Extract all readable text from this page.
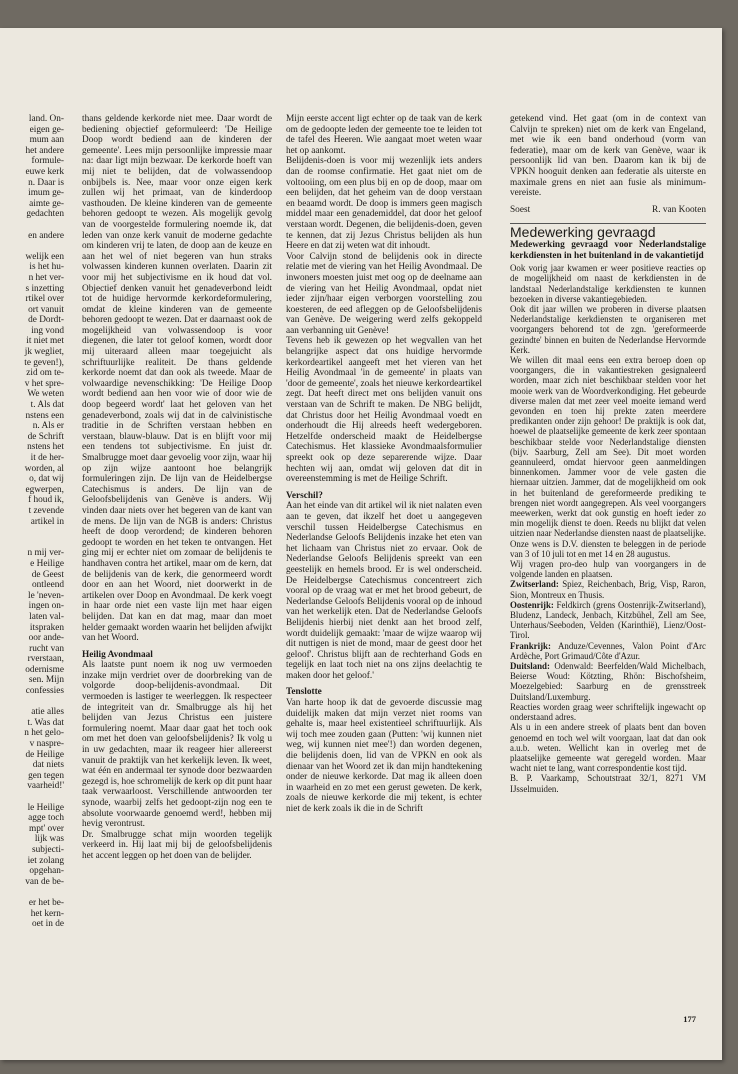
land. On-
eigen ge-
mum aan
het andere
formule-
euwe kerk
n. Daar is
imum ge-
aimte ge-
gedachten

en andere

welijk een
is het hu-
n het ver-
s inzetting
rtikel over
ort vanuit
de Dordt-
ing vond
it niet met
jk wegliet,
te geven!),
zid om te-
v het spre-
We weten
t. Als dat
nstens een
n. Als er
de Schrift
nstens het
it de her-
worden, al
o, dat wij
egwerpen,
f houd ik,
t zevende
artikel in

n mij ver-
e Heilige
de Geest
ontleend
le 'neven-
ingen on-
laten val-
itspraken
oor ande-
rucht van
rverstaan,
odernisme
sen. Mijn
confessies

atie alles
t. Was dat
n het gelo-
v naspre-
de Heilige
dat niets
gen tegen
vaarheid!'

le Heilige
agge toch
mpt' over
lijk was
subjecti-
iet zolang
opgehan-
van de be-

er het be-
het kern-
oet in de

thans geldende kerkorde niet mee. Daar wordt de bediening objectief geformuleerd: 'De Heilige Doop wordt bediend aan de kinderen der gemeente'. Lees mijn persoonlijke impressie maar na: daar ligt mijn bezwaar. De kerkorde hoeft van mij niet te belijden, dat de volwassendoop onbijbels is. Nee, maar voor onze eigen kerk zullen wij het primaat, van de kinderdoop vasthouden. De kleine kinderen van de gemeente behoren gedoopt te wezen. Als mogelijk gevolg van de voorgestelde formulering noemde ik, dat leden van onze kerk vanuit de moderne gedachte om kinderen vrij te laten, de doop aan de keuze en aan het wel of niet begeren van hun straks volwassen kinderen kunnen overlaten. Daarin zit voor mij het subjectivisme en ik houd dat vol. Objectief denken vanuit het genadeverbond leidt tot de huidige hervormde kerkordeformulering, omdat de kleine kinderen van de gemeente behoren gedoopt te wezen. Dat er daarnaast ook de mogelijkheid van volwassendoop is voor diegenen, die later tot geloof komen, wordt door mij uiteraard alleen maar toegejuicht als schriftuurlijke realiteit. De thans geldende kerkorde noemt dat dan ook als tweede. Maar de volwaardige nevenschikking: 'De Heilige Doop wordt bediend aan hen voor wie of door wie de doop begeerd wordt' laat het geloven van het genadeverbond, zoals wij dat in de calvinistische traditie in de Schriften verstaan hebben en verstaan, blauw-blauw. Dat is en blijft voor mij een tendens tot subjectivisme. En juist dr. Smalbrugge moet daar gevoelig voor zijn, waar hij op zijn wijze aantoont hoe belangrijk formuleringen zijn. De lijn van de Heidelbergse Catechismus is anders. De lijn van de Geloofsbelijdenis van Genève is anders. Wij vinden daar niets over het begeren van de kant van de mens. De lijn van de NGB is anders: Christus heeft de doop verordend; de kinderen behoren gedoopt te worden en het teken te ontvangen. Het ging mij er echter niet om zomaar de belijdenis te handhaven contra het artikel, maar om de kern, dat de belijdenis van de kerk, die genormeerd wordt door en aan het Woord, niet doorwerkt in de artikelen over Doop en Avondmaal. De kerk voegt in haar orde niet een vaste lijn met haar eigen belijden. Dat kan en dat mag, maar dan moet helder gemaakt worden waarin het belijden afwijkt van het Woord.

Heilig Avondmaal

Als laatste punt noem ik nog uw vermoeden inzake mijn verdriet over de doorbreking van de volgorde doop-belijdenis-avondmaal. Dit vermoeden is lastiger te weerleggen. Ik respecteer de integriteit van dr. Smalbrugge als hij het belijden van Jezus Christus een juistere formulering noemt. Maar daar gaat het toch ook om met het doen van geloofsbelijdenis? Ik volg u in uw gedachten, maar ik reageer hier allereerst vanuit de praktijk van het kerkelijk leven. Ik weet, wat één en andermaal ter synode door bezwaarden gezegd is, hoe schromelijk de kerk op dit punt haar taak verwaarloost. Verschillende antwoorden ter synode, waarbij zelfs het gedoopt-zijn nog een te absolute voorwaarde genoemd werd!, hebben mij hevig verontrust.

Dr. Smalbrugge schat mijn woorden tegelijk verkeerd in. Hij laat mij bij de geloofsbelijdenis het accent leggen op het doen van de belijder.

Mijn eerste accent ligt echter op de taak van de kerk om de gedoopte leden der gemeente toe te leiden tot de tafel des Heeren. Wie aangaat moet weten waar het op aankomt.

Belijdenis-doen is voor mij wezenlijk iets anders dan de roomse confirmatie. Het gaat niet om de voltooiing, om een plus bij en op de doop, maar om een belijden, dat het geheim van de doop verstaan en beaamd wordt. De doop is immers geen magisch middel maar een genademiddel, dat door het geloof verstaan wordt. Degenen, die belijdenis-doen, geven te kennen, dat zij Jezus Christus belijden als hun Heere en dat zij weten wat dit inhoudt.

Voor Calvijn stond de belijdenis ook in directe relatie met de viering van het Heilig Avondmaal. De inwoners moesten juist met oog op de deelname aan de viering van het Heilig Avondmaal, opdat niet ieder zijn/haar eigen verborgen voorstelling zou koesteren, de eed afleggen op de Geloofsbelijdenis van Genève. De weigering werd zelfs gekoppeld aan verbanning uit Genève!

Tevens heb ik gewezen op het wegvallen van het belangrijke aspect dat ons huidige hervormde kerkordeartikel aangeeft met het vieren van het Heilig Avondmaal 'in de gemeente' in plaats van 'door de gemeente', zoals het nieuwe kerkordeartikel zegt. Dat heeft direct met ons belijden vanuit ons verstaan van de Schrift te maken. De NBG belijdt, dat Christus door het Heilig Avondmaal voedt en onderhoudt die Hij alreeds heeft wedergeboren. Hetzelfde onderscheid maakt de Heidelbergse Catechismus. Het klassieke Avondmaalsformulier spreekt ook op deze separerende wijze. Daar hechten wij aan, omdat wij geloven dat dit in overeenstemming is met de Heilige Schrift.

Verschil?

Aan het einde van dit artikel wil ik niet nalaten even aan te geven, dat ikzelf het doet u aangegeven verschil tussen Heidelbergse Catechismus en Nederlandse Geloofs Belijdenis inzake het eten van het lichaam van Christus niet zo ervaar. Ook de Nederlandse Geloofs Belijdenis spreekt van een geestelijk en hemels brood. Er is wel onderscheid. De Heidelbergse Catechismus concentreert zich vooral op de vraag wat er met het brood gebeurt, de Nederlandse Geloofs Belijdenis vooral op de inhoud van het werkelijk eten. Dat de Nederlandse Geloofs Belijdenis hierbij niet denkt aan het brood zelf, wordt duidelijk gemaakt: 'maar de wijze waarop wij dit nuttigen is niet de mond, maar de geest door het geloof'. Christus blijft aan de rechterhand Gods en tegelijk en laat toch niet na ons zijns deelachtig te maken door het geloof.'

Tenslotte

Van harte hoop ik dat de gevoerde discussie mag duidelijk maken dat mijn verzet niet rooms van gehalte is, maar heel existentieel schriftuurlijk. Als wij toch mee zouden gaan (Putten: 'wij kunnen niet weg, wij kunnen niet mee'!) dan worden degenen, die belijdenis doen, lid van de VPKN en ook als dienaar van het Woord zet ik dan mijn handtekening onder de nieuwe kerkorde. Dat mag ik alleen doen in waarheid en zo met een gerust geweten. De kerk, zoals de nieuwe kerkorde die mij tekent, is echter niet de kerk zoals ik die in de Schrift

getekend vind. Het gaat (om in de context van Calvijn te spreken) niet om de kerk van Engeland, met wie ik een band onderhoud (vorm van federatie), maar om de kerk van Genève, waar ik persoonlijk lid van ben. Daarom kan ik bij de VPKN hooguit denken aan federatie als uiterste en maximale grens en niet aan fusie als minimum-vereiste.

Soest	R. van Kooten

Medewerking gevraagd

Medewerking gevraagd voor Nederlandstalige kerkdiensten in het buitenland in de vakantietijd

Ook vorig jaar kwamen er weer positieve reacties op de mogelijkheid om naast de kerkdiensten in de landstaal Nederlandstalige kerkdiensten te kunnen bezoeken in diverse vakantiegebieden.

Ook dit jaar willen we proberen in diverse plaatsen Nederlandstalige kerkdiensten te organiseren met voorgangers behorend tot de zgn. 'gereformeerde gezindte' binnen en buiten de Nederlandse Hervormde Kerk.

We willen dit maal eens een extra beroep doen op voorgangers, die in vakantiestreken gesignaleerd worden, maar zich niet beschikbaar stelden voor het mooie werk van de Woordverkondiging. Het gebeurde diverse malen dat met zeer veel moeite iemand werd gevonden en toen hij prekte zaten meerdere predikanten onder zijn gehoor! De praktijk is ook dat, hoewel de plaatselijke gemeente de kerk zeer spontaan beschikbaar stelde voor Nederlandstalige diensten (bijv. Saarburg, Zell am See). Dit moet worden geannuleerd, omdat hiervoor geen aanmeldingen binnenkomen. Jammer voor de vele gasten die hiernaar uitzien. Jammer, dat de mogelijkheid om ook in het buitenland de gereformeerde prediking te brengen niet wordt aangegrepen. Als veel voorgangers meewerken, werkt dat ook gunstig en hoeft ieder zo min mogelijk dienst te doen. Reeds nu blijkt dat velen uitzien naar Nederlandse diensten naast de plaatselijke.

Onze wens is D.V. diensten te beleggen in de periode van 3 of 10 juli tot en met 14 en 28 augustus.

Wij vragen pro-deo hulp van voorgangers in de volgende landen en plaatsen.

Zwitserland: Spiez, Reichenbach, Brig, Visp, Raron, Sion, Montreux en Thusis.

Oostenrijk: Feldkirch (grens Oostenrijk-Zwitserland), Bludenz, Landeck, Jenbach, Kitzbühel, Zell am See, Unterhaus/Seeboden, Velden (Karinthië), Lienz/Oost-Tirol.

Frankrijk: Anduze/Cevennes, Valon Point d'Arc Ardèche, Port Grimaud/Côte d'Azur.

Duitsland: Odenwald: Beerfelden/Wald Michelbach, Beierse Woud: Kötzting, Rhön: Bischofsheim, Moezelgebied: Saarburg en de grensstreek Duitsland/Luxemburg.

Reacties worden graag weer schriftelijk ingewacht op onderstaand adres.

Als u in een andere streek of plaats bent dan boven genoemd en toch wel wilt voorgaan, laat dat dan ook a.u.b. weten. Wellicht kan in overleg met de plaatselijke gemeente wat geregeld worden. Maar wacht niet te lang, want correspondentie kost tijd.

B. P. Vaarkamp, Schoutstraat 32/1, 8271 VM IJsselmuiden.

177
